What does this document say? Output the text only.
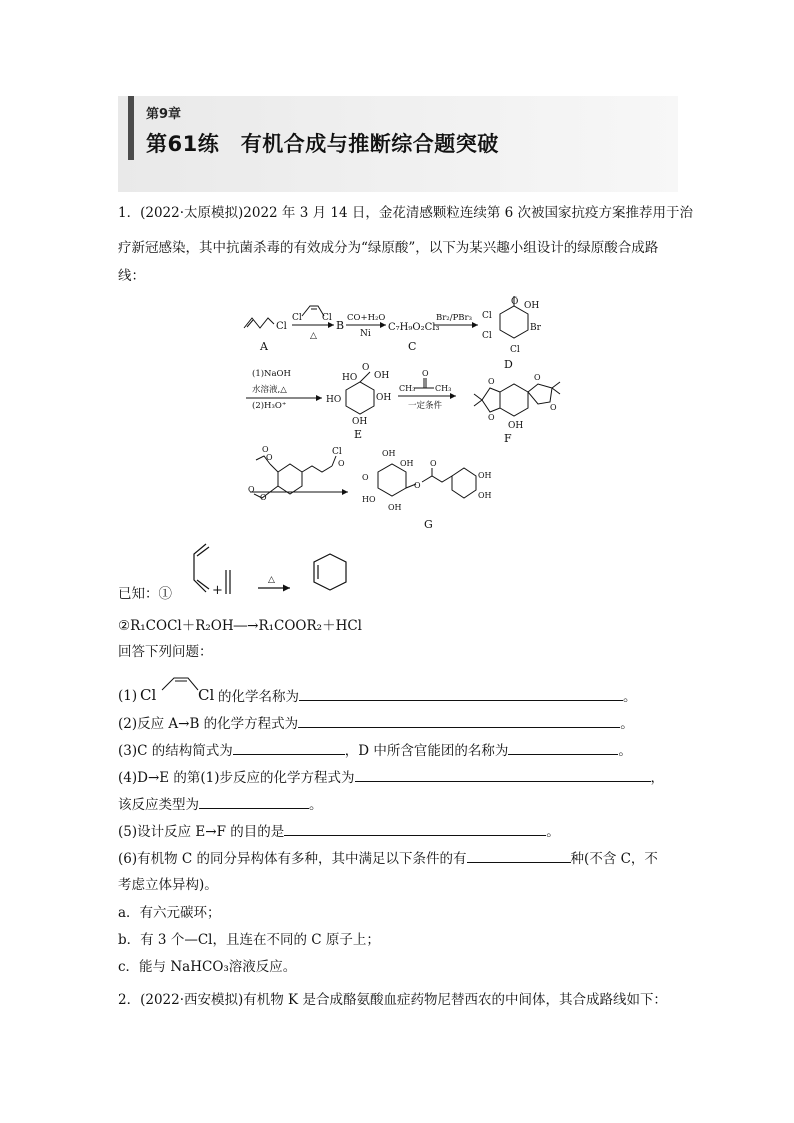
第9章
第61练　有机合成与推断综合题突破
1．(2022·太原模拟)2022 年 3 月 14 日，金花清感颗粒连续第 6 次被国家抗疫方案推荐用于治
疗新冠感染，其中抗菌杀毒的有效成分为“绿原酸”，以下为某兴趣小组设计的绿原酸合成路
线：
Cl
A
Cl Cl
△
B
CO+H₂O
Ni
C₇H₉O₂Cl₃
C
Br₂/PBr₃
O OH
Br
Cl
Cl
Cl
D
(1)NaOH
水溶液,△
(2)H₃O⁺
O
OH
HO
HO	OH
OH
E
CH₃ CH₃
O
一定条件
O
O
O
O
OH
F
O
O
O
O
Cl
O
OH
OH
O
HO
OH
O
O
OH
OH
G
已知：①	+
△
②R₁COCl＋R₂OH―→R₁COOR₂＋HCl
回答下列问题：
(1) Cl	Cl 的化学名称为	。
(2)反应 A→B 的化学方程式为	。
(3)C 的结构简式为	，D 中所含官能团的名称为	。
(4)D→E 的第(1)步反应的化学方程式为	，
该反应类型为	。
(5)设计反应 E→F 的目的是	。
(6)有机物 C 的同分异构体有多种，其中满足以下条件的有	种(不含 C，不
考虑立体异构)。
a．有六元碳环；
b．有 3 个—Cl，且连在不同的 C 原子上；
c．能与 NaHCO₃溶液反应。
2．(2022·西安模拟)有机物 K 是合成酪氨酸血症药物尼替西农的中间体，其合成路线如下：
